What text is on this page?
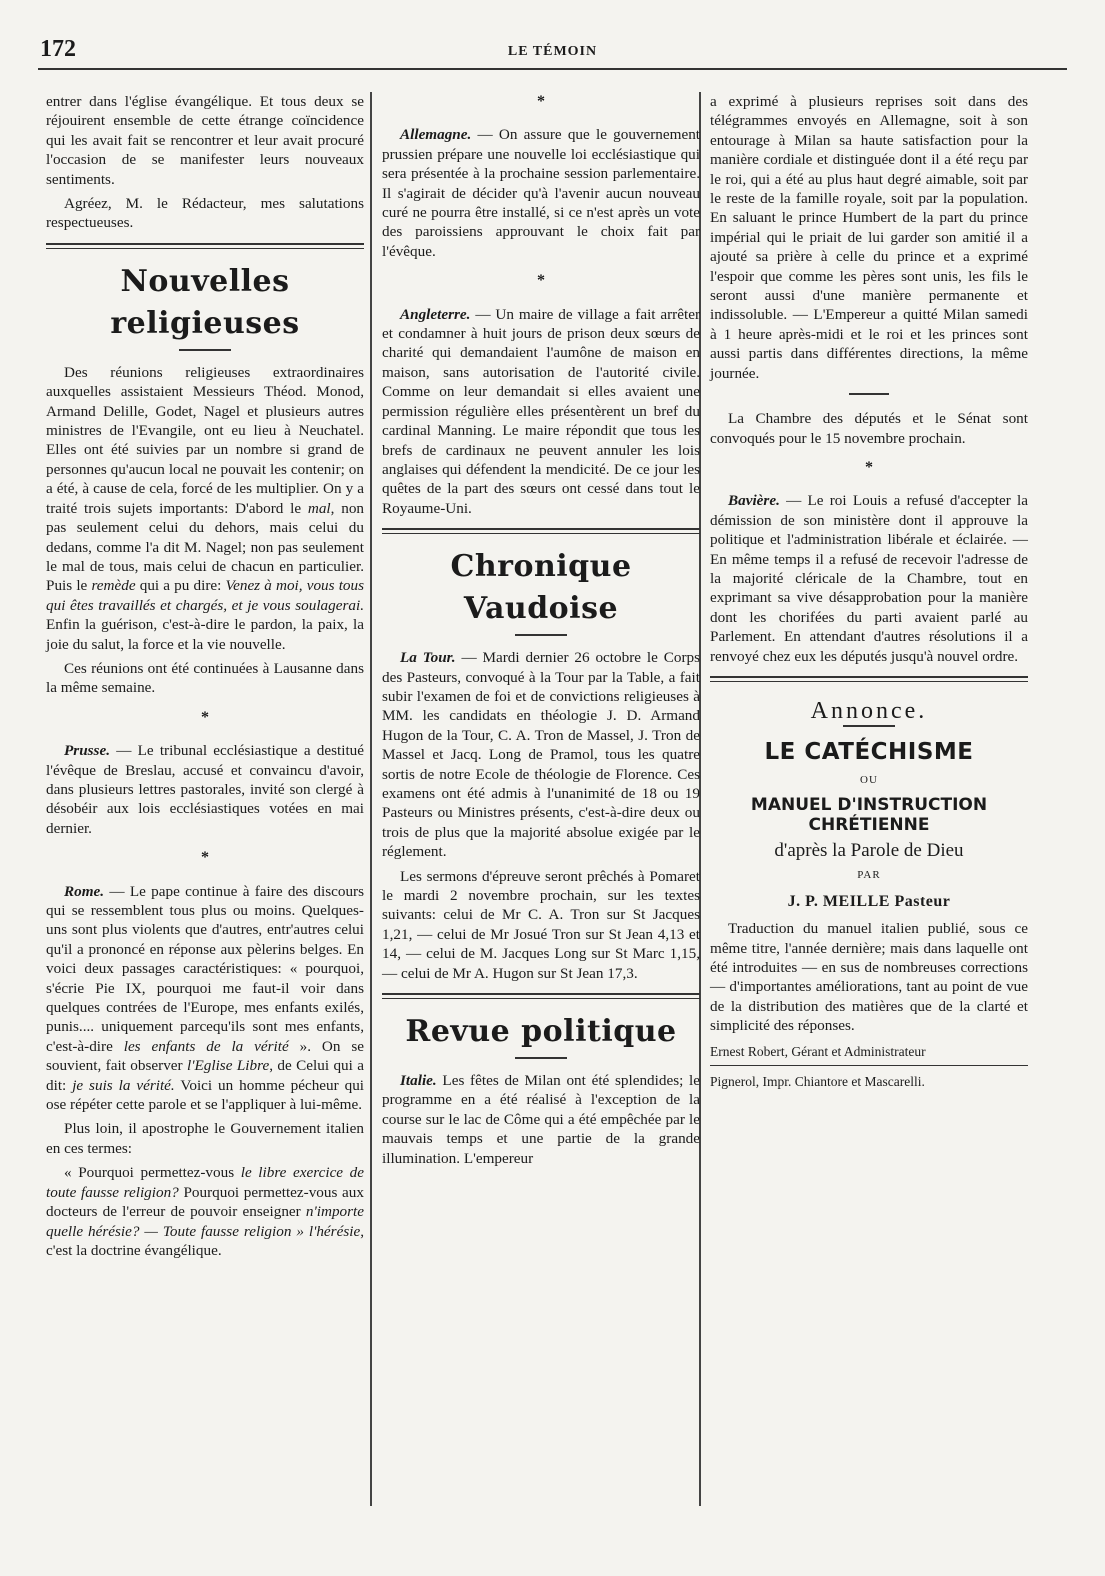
172	LE TÉMOIN

entrer dans l'église évangélique. Et tous deux se réjouirent ensemble de cette étrange coïncidence qui les avait fait se rencontrer et leur avait procuré l'occasion de se manifester leurs nouveaux sentiments.

Agréez, M. le Rédacteur, mes salutations respectueuses.

Nouvelles religieuses

Des réunions religieuses extraordinaires auxquelles assistaient Messieurs Théod. Monod, Armand Delille, Godet, Nagel et plusieurs autres ministres de l'Evangile, ont eu lieu à Neuchatel. Elles ont été suivies par un nombre si grand de personnes qu'aucun local ne pouvait les contenir; on a été, à cause de cela, forcé de les multiplier. On y a traité trois sujets importants: D'abord le mal, non pas seulement celui du dehors, mais celui du dedans, comme l'a dit M. Nagel; non pas seulement le mal de tous, mais celui de chacun en particulier. Puis le remède qui a pu dire: Venez à moi, vous tous qui êtes travaillés et chargés, et je vous soulagerai. Enfin la guérison, c'est-à-dire le pardon, la paix, la joie du salut, la force et la vie nouvelle.

Ces réunions ont été continuées à Lausanne dans la même semaine.

*

Prusse. — Le tribunal ecclésiastique a destitué l'évêque de Breslau, accusé et convaincu d'avoir, dans plusieurs lettres pastorales, invité son clergé à désobéir aux lois ecclésiastiques votées en mai dernier.

*

Rome. — Le pape continue à faire des discours qui se ressemblent tous plus ou moins. Quelques-uns sont plus violents que d'autres, entr'autres celui qu'il a prononcé en réponse aux pèlerins belges. En voici deux passages caractéristiques: « pourquoi, s'écrie Pie IX, pourquoi me faut-il voir dans quelques contrées de l'Europe, mes enfants exilés, punis.... uniquement parcequ'ils sont mes enfants, c'est-à-dire les enfants de la vérité ». On se souvient, fait observer l'Eglise Libre, de Celui qui a dit: je suis la vérité. Voici un homme pécheur qui ose répéter cette parole et se l'appliquer à lui-même.

Plus loin, il apostrophe le Gouvernement italien en ces termes:

« Pourquoi permettez-vous le libre exercice de toute fausse religion? Pourquoi permettez-vous aux docteurs de l'erreur de pouvoir enseigner n'importe quelle hérésie? — Toute fausse religion » l'hérésie, c'est la doctrine évangélique.

*

Allemagne. — On assure que le gouvernement prussien prépare une nouvelle loi ecclésiastique qui sera présentée à la prochaine session parlementaire. Il s'agirait de décider qu'à l'avenir aucun nouveau curé ne pourra être installé, si ce n'est après un vote des paroissiens approuvant le choix fait par l'évêque.

*

Angleterre. — Un maire de village a fait arrêter et condamner à huit jours de prison deux sœurs de charité qui demandaient l'aumône de maison en maison, sans autorisation de l'autorité civile. Comme on leur demandait si elles avaient une permission régulière elles présentèrent un bref du cardinal Manning. Le maire répondit que tous les brefs de cardinaux ne peuvent annuler les lois anglaises qui défendent la mendicité. De ce jour les quêtes de la part des sœurs ont cessé dans tout le Royaume-Uni.

Chronique Vaudoise

La Tour. — Mardi dernier 26 octobre le Corps des Pasteurs, convoqué à la Tour par la Table, a fait subir l'examen de foi et de convictions religieuses à MM. les candidats en théologie J. D. Armand Hugon de la Tour, C. A. Tron de Massel, J. Tron de Massel et Jacq. Long de Pramol, tous les quatre sortis de notre Ecole de théologie de Florence. Ces examens ont été admis à l'unanimité de 18 ou 19 Pasteurs ou Ministres présents, c'est-à-dire deux ou trois de plus que la majorité absolue exigée par le réglement.

Les sermons d'épreuve seront prêchés à Pomaret le mardi 2 novembre prochain, sur les textes suivants: celui de Mr C. A. Tron sur St Jacques 1,21, — celui de Mr Josué Tron sur St Jean 4,13 et 14, — celui de M. Jacques Long sur St Marc 1,15, — celui de Mr A. Hugon sur St Jean 17,3.

Revue politique

Italie. Les fêtes de Milan ont été splendides; le programme en a été réalisé à l'exception de la course sur le lac de Côme qui a été empêchée par le mauvais temps et une partie de la grande illumination. L'empereur

a exprimé à plusieurs reprises soit dans des télégrammes envoyés en Allemagne, soit à son entourage à Milan sa haute satisfaction pour la manière cordiale et distinguée dont il a été reçu par le roi, qui a été au plus haut degré aimable, soit par le reste de la famille royale, soit par la population. En saluant le prince Humbert de la part du prince impérial qui le priait de lui garder son amitié il a ajouté sa prière à celle du prince et a exprimé l'espoir que comme les pères sont unis, les fils le seront aussi d'une manière permanente et indissoluble. — L'Empereur a quitté Milan samedi à 1 heure après-midi et le roi et les princes sont aussi partis dans différentes directions, la même journée.

La Chambre des députés et le Sénat sont convoqués pour le 15 novembre prochain.

*

Bavière. — Le roi Louis a refusé d'accepter la démission de son ministère dont il approuve la politique et l'administration libérale et éclairée. — En même temps il a refusé de recevoir l'adresse de la majorité cléricale de la Chambre, tout en exprimant sa vive désapprobation pour la manière dont les chorifées du parti avaient parlé au Parlement. En attendant d'autres résolutions il a renvoyé chez eux les députés jusqu'à nouvel ordre.

Annonce.
LE CATÉCHISME
OU
MANUEL D'INSTRUCTION CHRÉTIENNE
d'après la Parole de Dieu
PAR
J. P. MEILLE Pasteur

Traduction du manuel italien publié, sous ce même titre, l'année dernière; mais dans laquelle ont été introduites — en sus de nombreuses corrections — d'importantes améliorations, tant au point de vue de la distribution des matières que de la clarté et simplicité des réponses.

Ernest Robert, Gérant et Administrateur
Pignerol, Impr. Chiantore et Mascarelli.
